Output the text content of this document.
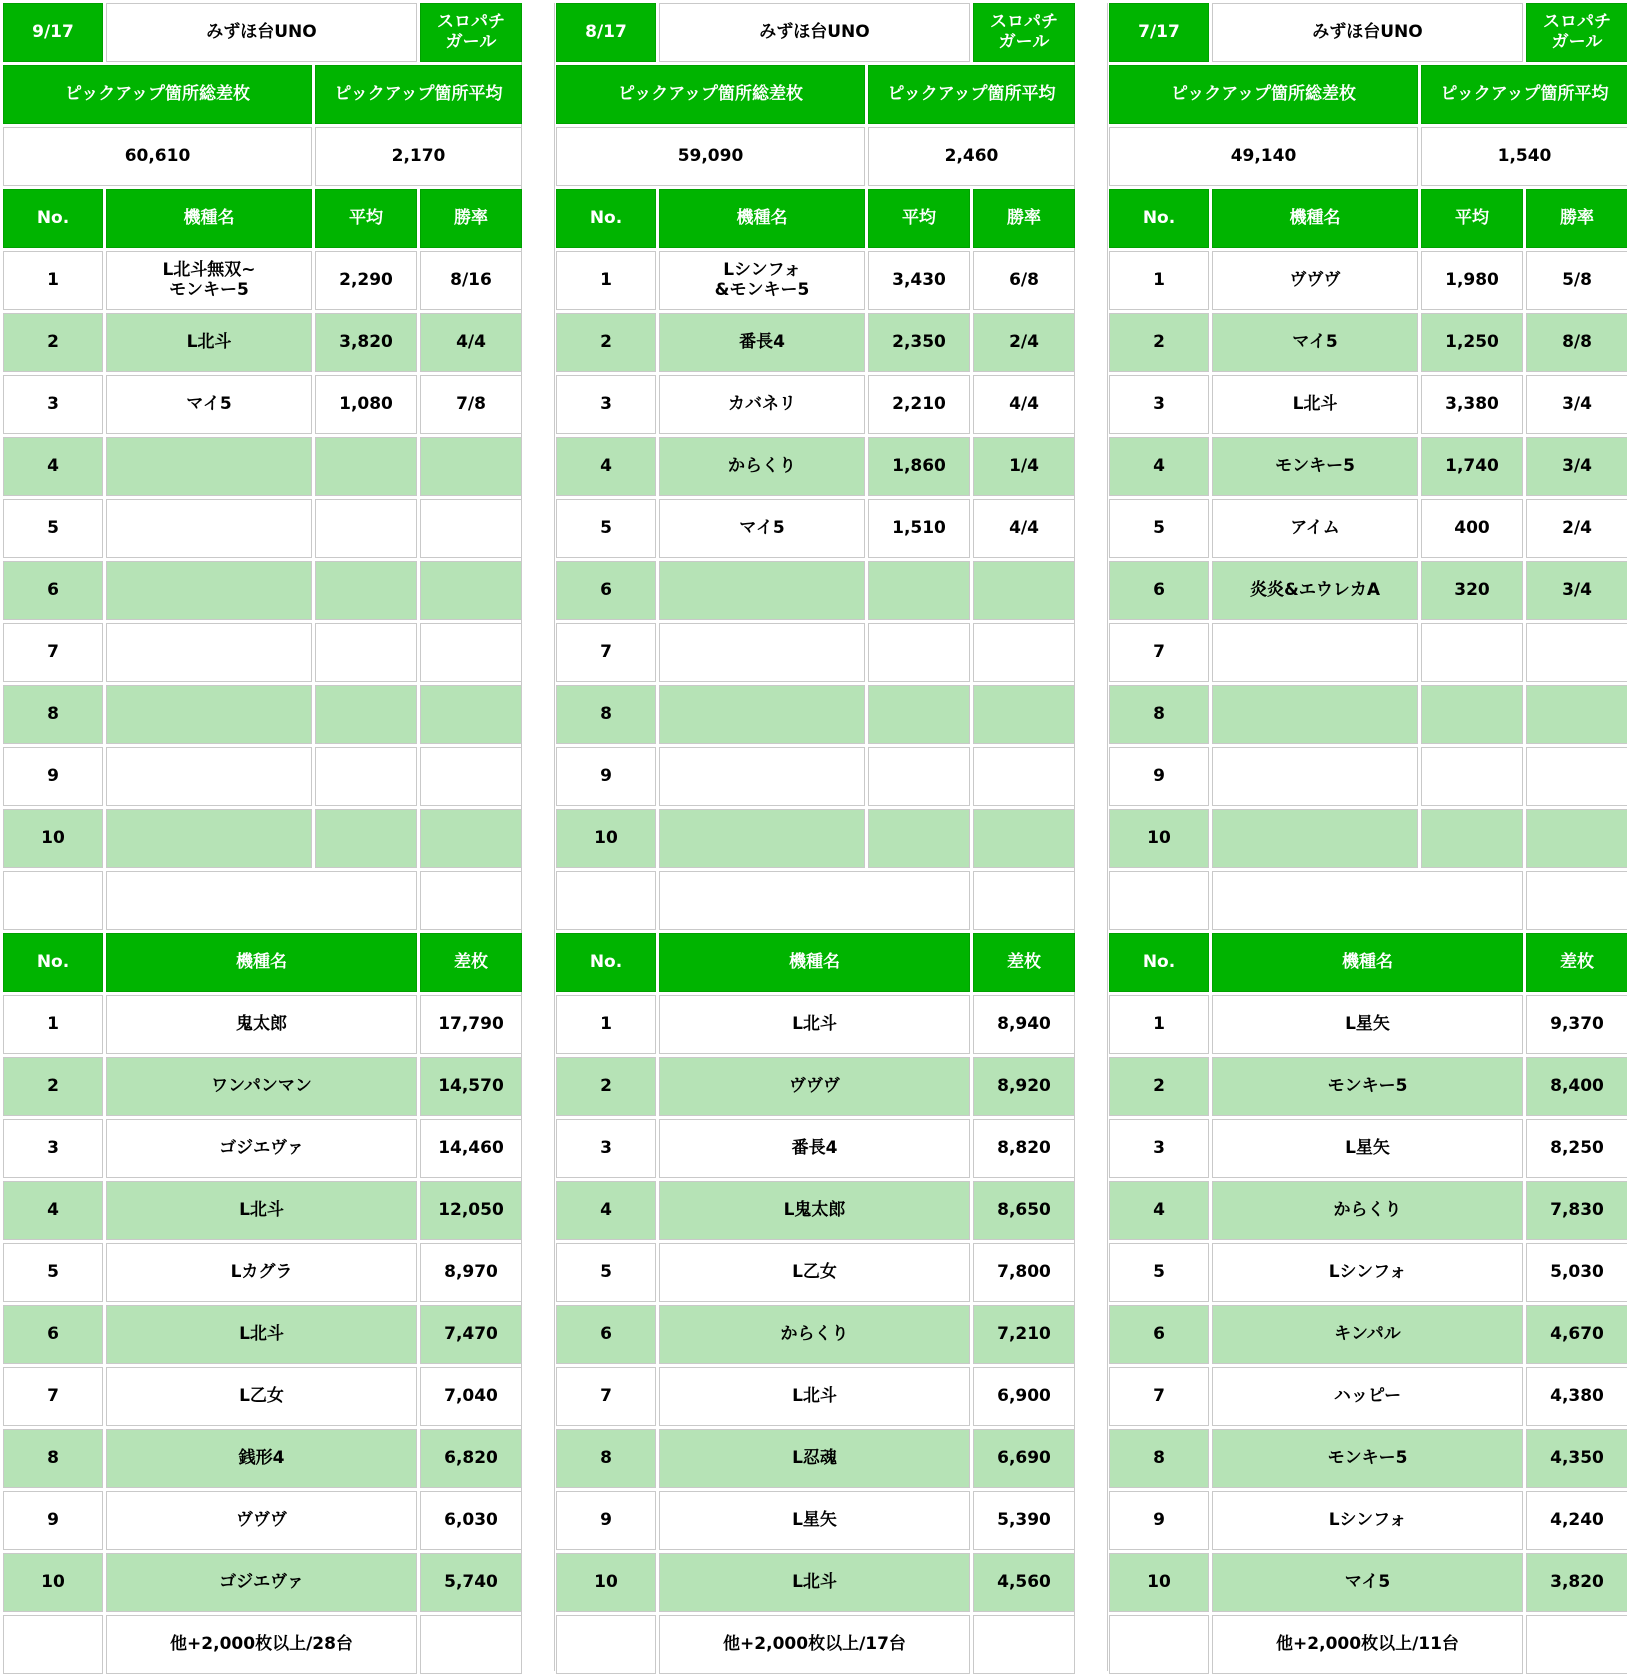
9/17	みずほ台UNO	スロパチ
ガール
ピックアップ箇所総差枚	ピックアップ箇所平均
60,610	2,170
No.	機種名	平均	勝率
1	L北斗無双~
モンキー5	2,290	8/16
2	L北斗	3,820	4/4
3	マイ5	1,080	7/8
4
5
6
7
8
9
10
No.	機種名	差枚
1	鬼太郎	17,790
2	ワンパンマン	14,570
3	ゴジエヴァ	14,460
4	L北斗	12,050
5	Lカグラ	8,970
6	L北斗	7,470
7	L乙女	7,040
8	銭形4	6,820
9	ヴヴヴ	6,030
10	ゴジエヴァ	5,740
他+2,000枚以上/28台
8/17	みずほ台UNO	スロパチ
ガール
ピックアップ箇所総差枚	ピックアップ箇所平均
59,090	2,460
No.	機種名	平均	勝率
1	Lシンフォ
&モンキー5	3,430	6/8
2	番長4	2,350	2/4
3	カバネリ	2,210	4/4
4	からくり	1,860	1/4
5	マイ5	1,510	4/4
6
7
8
9
10
No.	機種名	差枚
1	L北斗	8,940
2	ヴヴヴ	8,920
3	番長4	8,820
4	L鬼太郎	8,650
5	L乙女	7,800
6	からくり	7,210
7	L北斗	6,900
8	L忍魂	6,690
9	L星矢	5,390
10	L北斗	4,560
他+2,000枚以上/17台
7/17	みずほ台UNO	スロパチ
ガール
ピックアップ箇所総差枚	ピックアップ箇所平均
49,140	1,540
No.	機種名	平均	勝率
1	ヴヴヴ	1,980	5/8
2	マイ5	1,250	8/8
3	L北斗	3,380	3/4
4	モンキー5	1,740	3/4
5	アイム	400	2/4
6	炎炎&エウレカA	320	3/4
7
8
9
10
No.	機種名	差枚
1	L星矢	9,370
2	モンキー5	8,400
3	L星矢	8,250
4	からくり	7,830
5	Lシンフォ	5,030
6	キンパル	4,670
7	ハッピー	4,380
8	モンキー5	4,350
9	Lシンフォ	4,240
10	マイ5	3,820
他+2,000枚以上/11台
